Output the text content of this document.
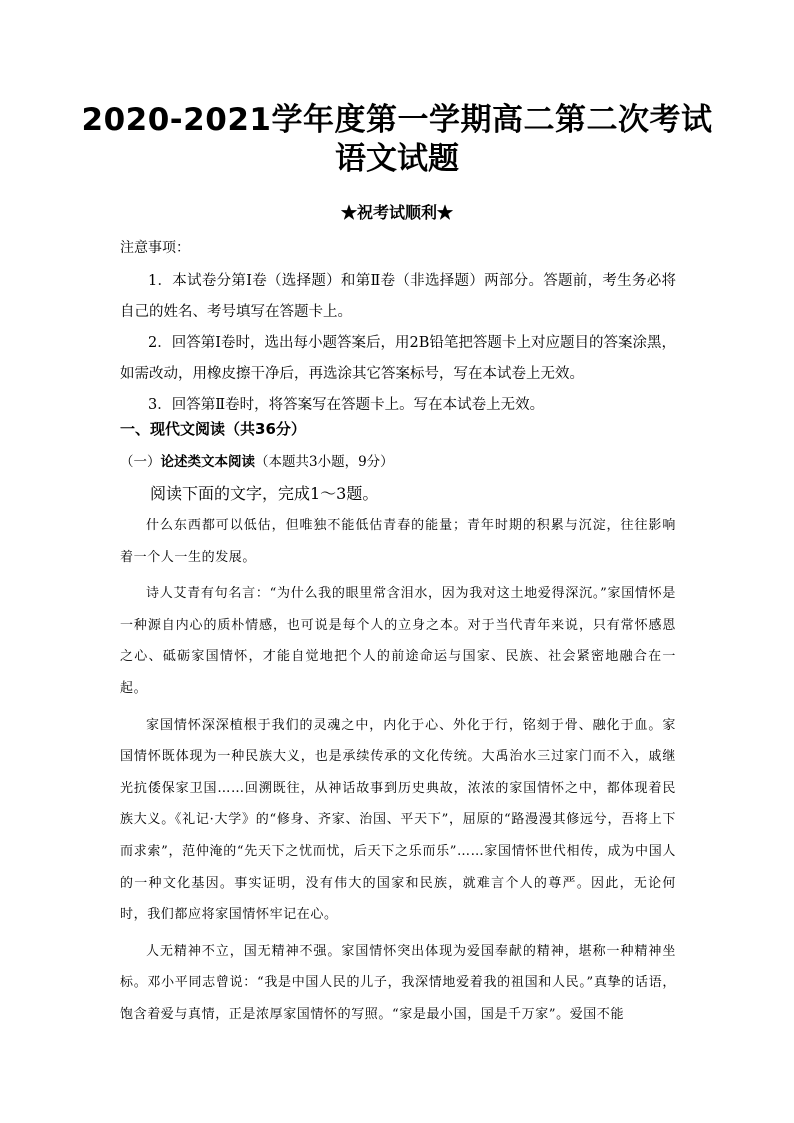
2020-2021学年度第一学期高二第二次考试
语文试题
★祝考试顺利★
注意事项：

1．本试卷分第Ⅰ卷（选择题）和第Ⅱ卷（非选择题）两部分。答题前，考生务必将自己的姓名、考号填写在答题卡上。

2．回答第Ⅰ卷时，选出每小题答案后，用2B铅笔把答题卡上对应题目的答案涂黑，如需改动，用橡皮擦干净后，再选涂其它答案标号，写在本试卷上无效。

3．回答第Ⅱ卷时，将答案写在答题卡上。写在本试卷上无效。

一、现代文阅读（共36分）
（一）论述类文本阅读（本题共3小题，9分）
阅读下面的文字，完成1～3题。

什么东西都可以低估，但唯独不能低估青春的能量；青年时期的积累与沉淀，往往影响着一个人一生的发展。

诗人艾青有句名言：“为什么我的眼里常含泪水，因为我对这土地爱得深沉。”家国情怀是一种源自内心的质朴情感，也可说是每个人的立身之本。对于当代青年来说，只有常怀感恩之心、砥砺家国情怀，才能自觉地把个人的前途命运与国家、民族、社会紧密地融合在一起。

家国情怀深深植根于我们的灵魂之中，内化于心、外化于行，铭刻于骨、融化于血。家国情怀既体现为一种民族大义，也是承续传承的文化传统。大禹治水三过家门而不入，戚继光抗倭保家卫国……回溯既往，从神话故事到历史典故，浓浓的家国情怀之中，都体现着民族大义。《礼记·大学》的“修身、齐家、治国、平天下”，屈原的“路漫漫其修远兮，吾将上下而求索”，范仲淹的“先天下之忧而忧，后天下之乐而乐”……家国情怀世代相传，成为中国人的一种文化基因。事实证明，没有伟大的国家和民族，就难言个人的尊严。因此，无论何时，我们都应将家国情怀牢记在心。

人无精神不立，国无精神不强。家国情怀突出体现为爱国奉献的精神，堪称一种精神坐标。邓小平同志曾说：“我是中国人民的儿子，我深情地爱着我的祖国和人民。”真挚的话语，饱含着爱与真情，正是浓厚家国情怀的写照。“家是最小国，国是千万家”。爱国不能
